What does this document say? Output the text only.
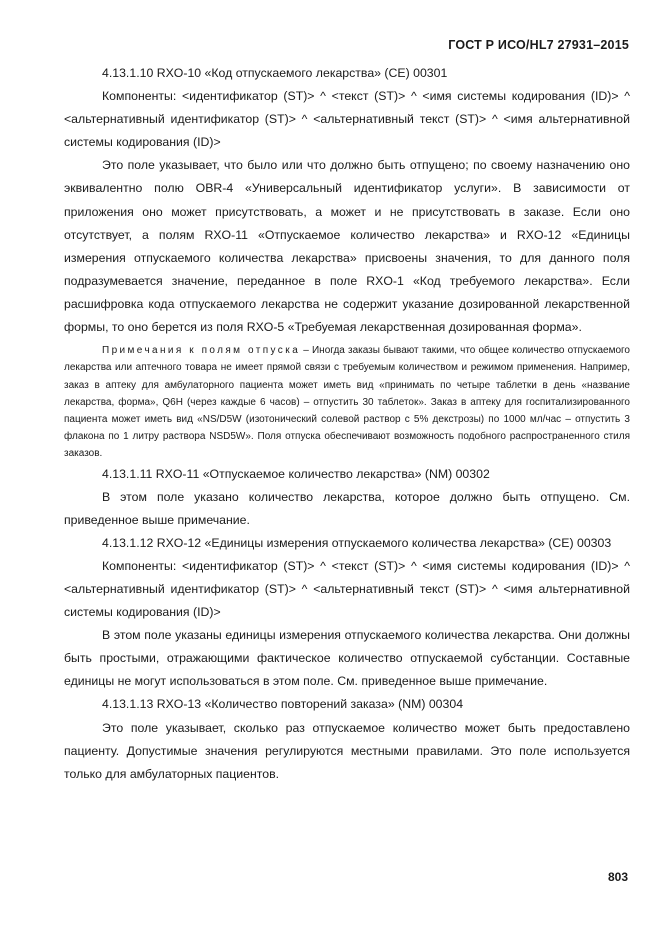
ГОСТ Р ИСО/HL7 27931–2015

4.13.1.10 RXO-10 «Код отпускаемого лекарства» (CE) 00301

Компоненты: <идентификатор (ST)> ^ <текст (ST)> ^ <имя системы кодирования (ID)> ^ <альтернативный идентификатор (ST)> ^ <альтернативный текст (ST)> ^ <имя альтернативной системы кодирования (ID)>

Это поле указывает, что было или что должно быть отпущено; по своему назначению оно эквивалентно полю OBR-4 «Универсальный идентификатор услуги». В зависимости от приложения оно может присутствовать, а может и не присутствовать в заказе. Если оно отсутствует, а полям RXO-11 «Отпускаемое количество лекарства» и RXO-12 «Единицы измерения отпускаемого количества лекарства» присвоены значения, то для данного поля подразумевается значение, переданное в поле RXO-1 «Код требуемого лекарства». Если расшифровка кода отпускаемого лекарства не содержит указание дозированной лекарственной формы, то оно берется из поля RXO-5 «Требуемая лекарственная дозированная форма».

Примечания к полям отпуска – Иногда заказы бывают такими, что общее количество отпускаемого лекарства или аптечного товара не имеет прямой связи с требуемым количеством и режимом применения. Например, заказ в аптеку для амбулаторного пациента может иметь вид «принимать по четыре таблетки в день «название лекарства, форма», Q6H (через каждые 6 часов) – отпустить 30 таблеток». Заказ в аптеку для госпитализированного пациента может иметь вид «NS/D5W (изотонический солевой раствор с 5% декстрозы) по 1000 мл/час – отпустить 3 флакона по 1 литру раствора NSD5W». Поля отпуска обеспечивают возможность подобного распространенного стиля заказов.

4.13.1.11 RXO-11 «Отпускаемое количество лекарства» (NM) 00302

В этом поле указано количество лекарства, которое должно быть отпущено. См. приведенное выше примечание.

4.13.1.12 RXO-12 «Единицы измерения отпускаемого количества лекарства» (CE) 00303

Компоненты: <идентификатор (ST)> ^ <текст (ST)> ^ <имя системы кодирования (ID)> ^ <альтернативный идентификатор (ST)> ^ <альтернативный текст (ST)> ^ <имя альтернативной системы кодирования (ID)>

В этом поле указаны единицы измерения отпускаемого количества лекарства. Они должны быть простыми, отражающими фактическое количество отпускаемой субстанции. Составные единицы не могут использоваться в этом поле. См. приведенное выше примечание.

4.13.1.13 RXO-13 «Количество повторений заказа» (NM) 00304

Это поле указывает, сколько раз отпускаемое количество может быть предоставлено пациенту. Допустимые значения регулируются местными правилами. Это поле используется только для амбулаторных пациентов.

803
